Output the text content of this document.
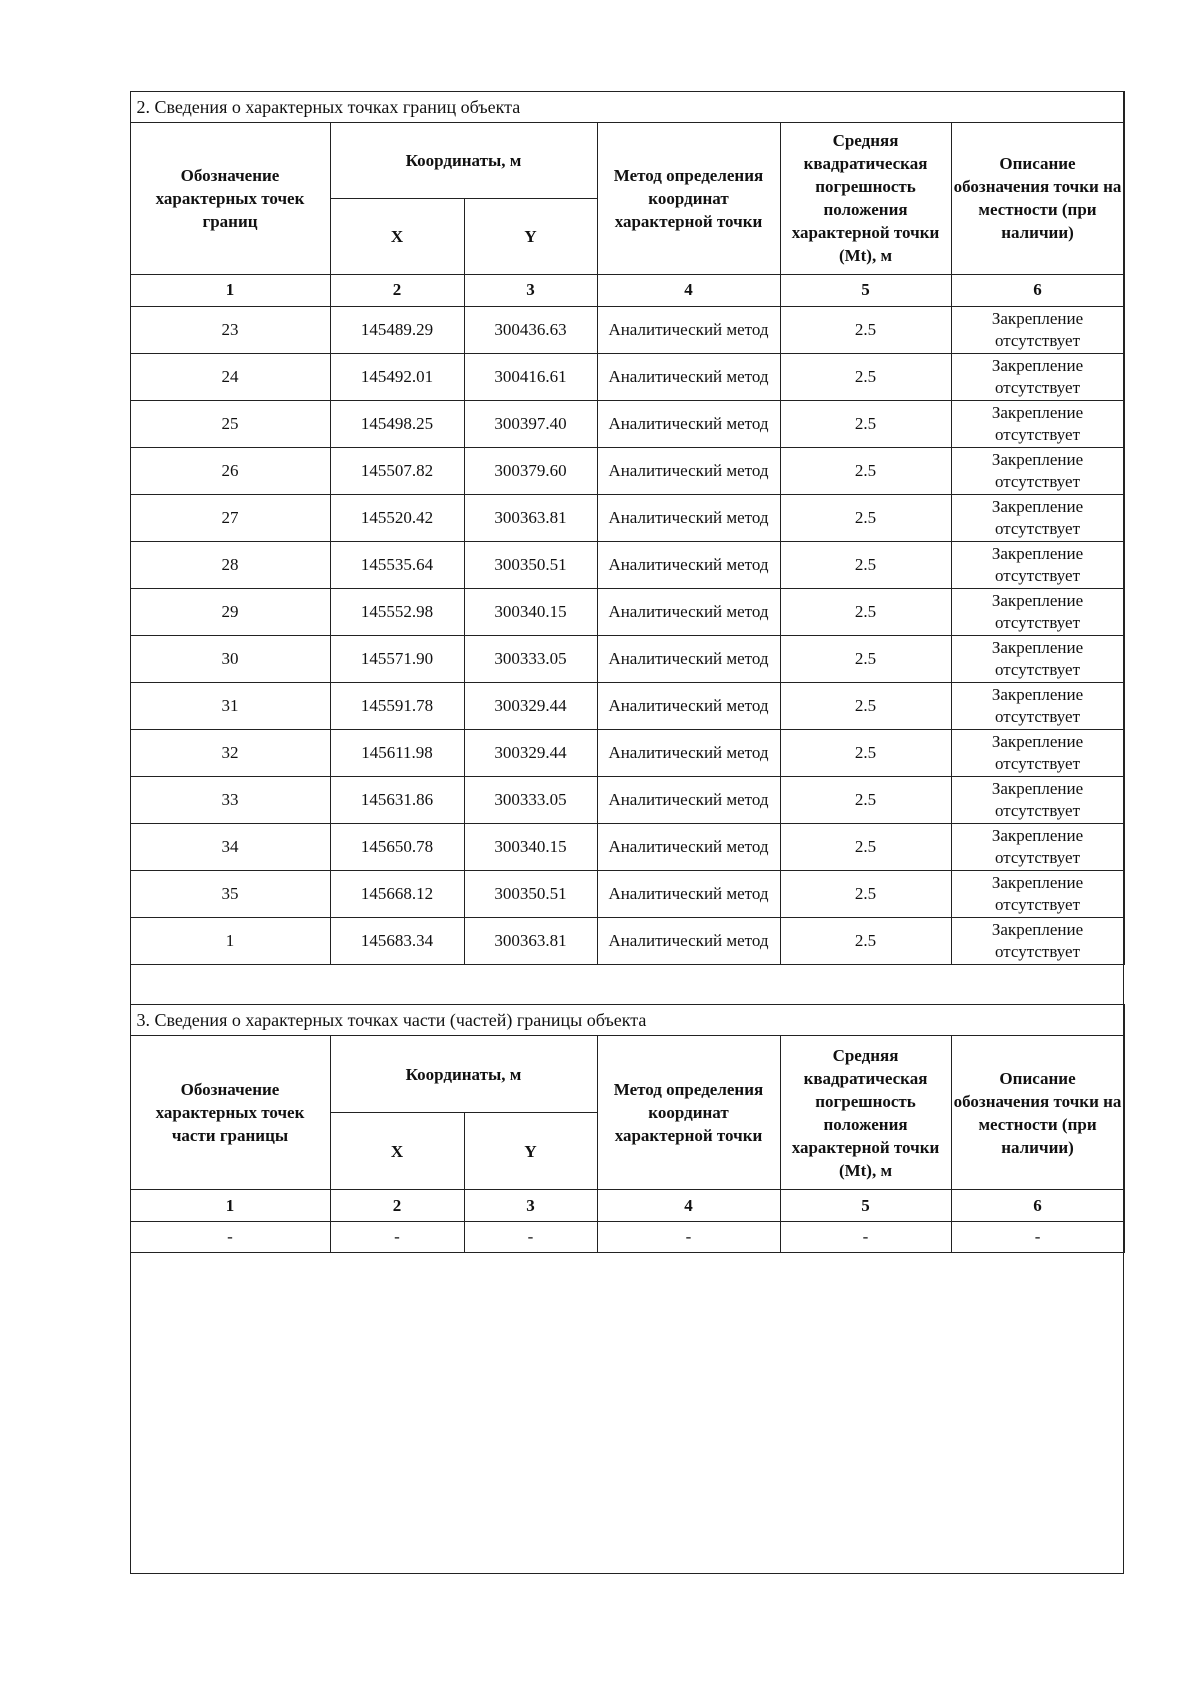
2. Сведения о характерных точках границ объекта					
Обозначение характерных точек границ	Координаты, м		Метод определения координат характерной точки	Средняя квадратическая погрешность положения характерной точки (Mt), м	Описание обозначения точки на местности (при наличии)
	X	Y			
1	2	3	4	5	6
23	145489.29	300436.63	Аналитический метод	2.5	Закрепление отсутствует
24	145492.01	300416.61	Аналитический метод	2.5	Закрепление отсутствует
25	145498.25	300397.40	Аналитический метод	2.5	Закрепление отсутствует
26	145507.82	300379.60	Аналитический метод	2.5	Закрепление отсутствует
27	145520.42	300363.81	Аналитический метод	2.5	Закрепление отсутствует
28	145535.64	300350.51	Аналитический метод	2.5	Закрепление отсутствует
29	145552.98	300340.15	Аналитический метод	2.5	Закрепление отсутствует
30	145571.90	300333.05	Аналитический метод	2.5	Закрепление отсутствует
31	145591.78	300329.44	Аналитический метод	2.5	Закрепление отсутствует
32	145611.98	300329.44	Аналитический метод	2.5	Закрепление отсутствует
33	145631.86	300333.05	Аналитический метод	2.5	Закрепление отсутствует
34	145650.78	300340.15	Аналитический метод	2.5	Закрепление отсутствует
35	145668.12	300350.51	Аналитический метод	2.5	Закрепление отсутствует
1	145683.34	300363.81	Аналитический метод	2.5	Закрепление отсутствует
3. Сведения о характерных точках части (частей) границы объекта					
Обозначение характерных точек части границы	Координаты, м		Метод определения координат характерной точки	Средняя квадратическая погрешность положения характерной точки (Mt), м	Описание обозначения точки на местности (при наличии)
	X	Y			
1	2	3	4	5	6
-	-	-	-	-	-
